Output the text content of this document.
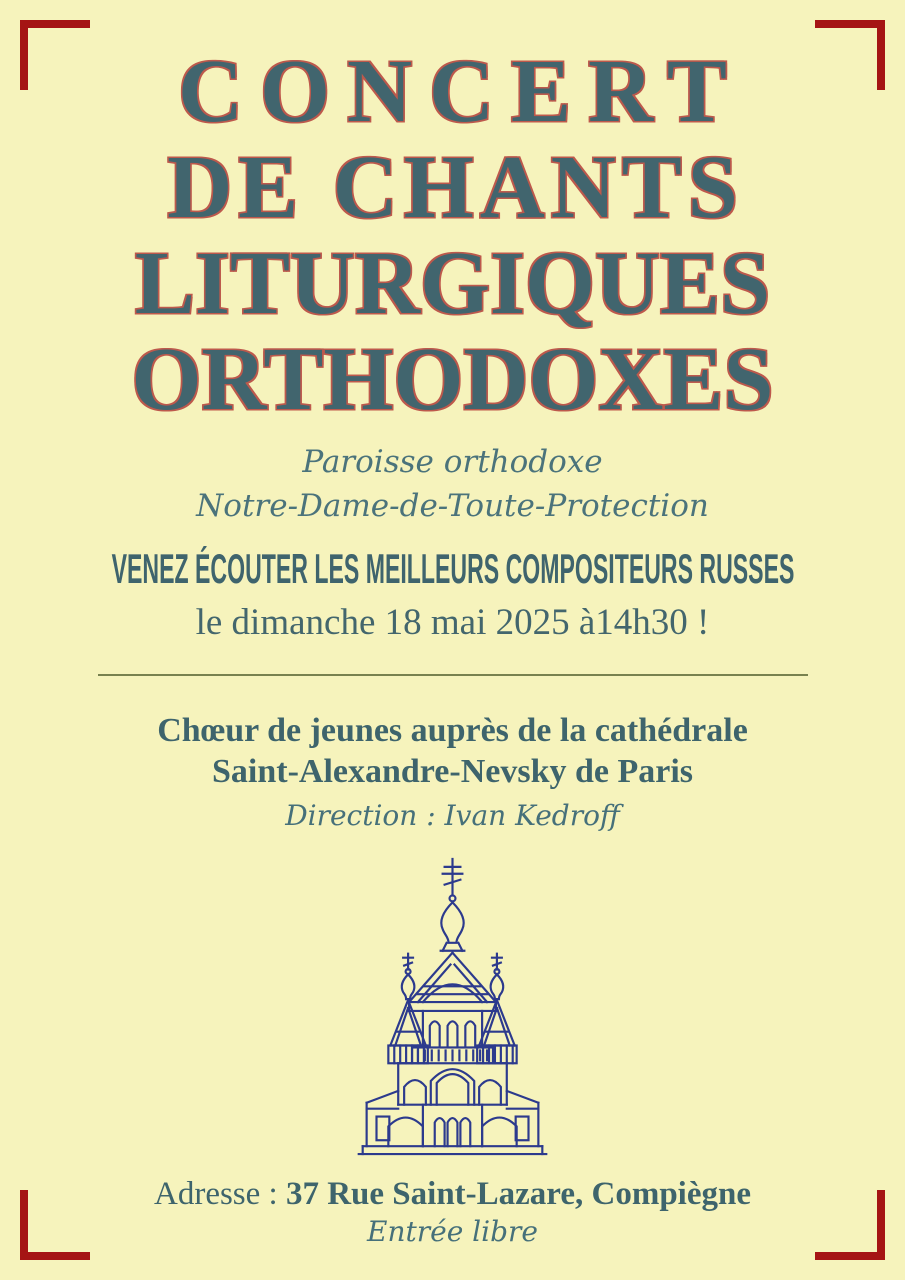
CONCERT
DE CHANTS
LITURGIQUES
ORTHODOXES
Paroisse orthodoxe
Notre-Dame-de-Toute-Protection
VENEZ ÉCOUTER LES MEILLEURS COMPOSITEURS RUSSES
le dimanche 18 mai 2025 à14h30 !
Chœur de jeunes auprès de la cathédrale
Saint-Alexandre-Nevsky de Paris
Direction : Ivan Kedroff
Adresse : 37 Rue Saint-Lazare, Compiègne
Entrée libre
